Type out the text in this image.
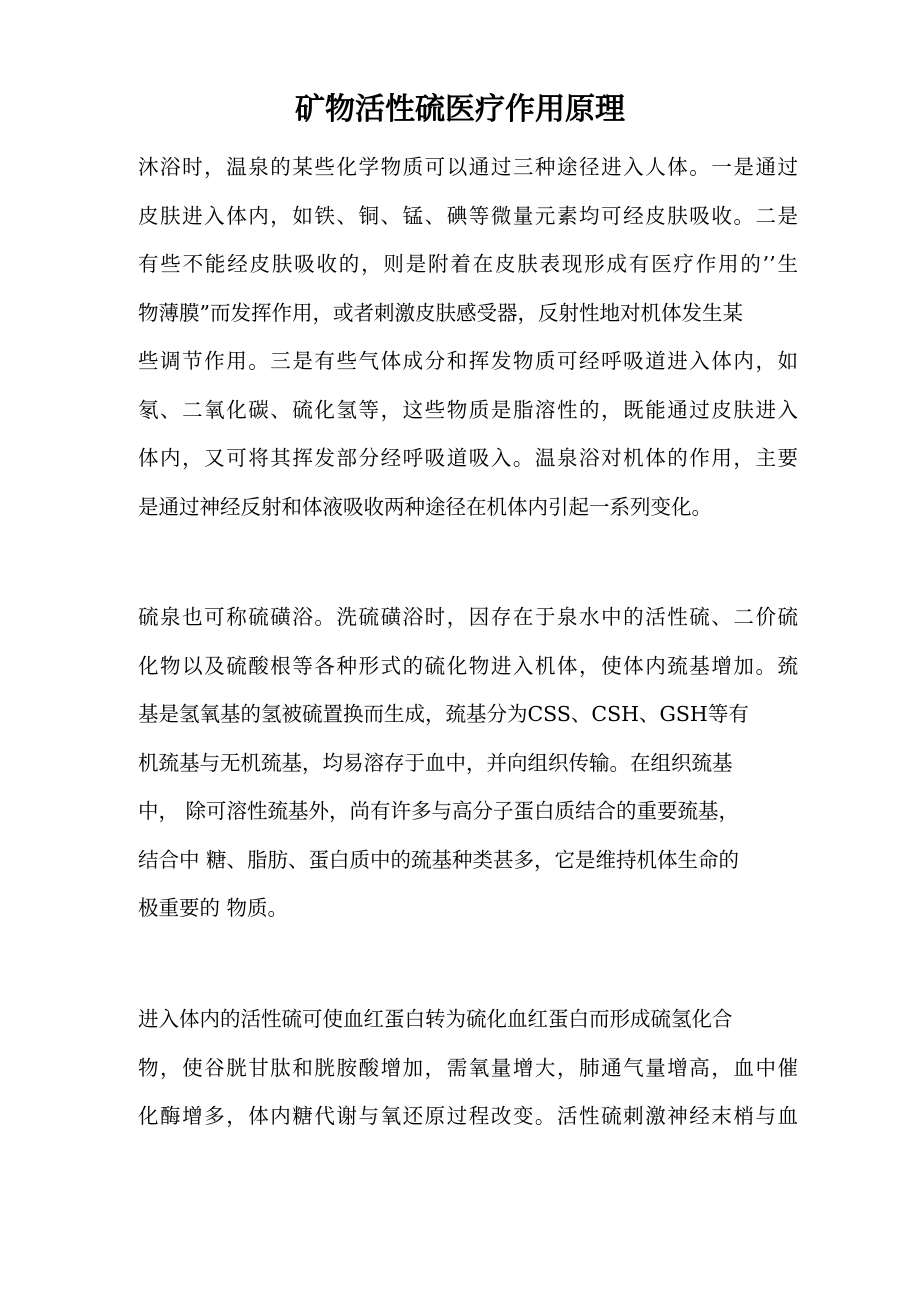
矿物活性硫医疗作用原理
沐浴时，温泉的某些化学物质可以通过三种途径进入人体。一是通过
皮肤进入体内，如铁、铜、锰、碘等微量元素均可经皮肤吸收。二是
有些不能经皮肤吸收的，则是附着在皮肤表现形成有医疗作用的’’生
物薄膜”而发挥作用，或者刺激皮肤感受器，反射性地对机体发生某
些调节作用。三是有些气体成分和挥发物质可经呼吸道进入体内，如
氡、二氧化碳、硫化氢等，这些物质是脂溶性的，既能通过皮肤进入
体内，又可将其挥发部分经呼吸道吸入。温泉浴对机体的作用，主要
是通过神经反射和体液吸收两种途径在机体内引起一系列变化。
硫泉也可称硫磺浴。洗硫磺浴时，因存在于泉水中的活性硫、二价硫
化物以及硫酸根等各种形式的硫化物进入机体，使体内巯基增加。巯
基是氢氧基的氢被硫置换而生成，巯基分为CSS、CSH、GSH等有
机巯基与无机巯基，均易溶存于血中，并向组织传输。在组织巯基
中， 除可溶性巯基外，尚有许多与高分子蛋白质结合的重要巯基，
结合中 糖、脂肪、蛋白质中的巯基种类甚多，它是维持机体生命的
极重要的 物质。
进入体内的活性硫可使血红蛋白转为硫化血红蛋白而形成硫氢化合
物，使谷胱甘肽和胱胺酸增加，需氧量增大，肺通气量增高，血中催
化酶增多，体内糖代谢与氧还原过程改变。活性硫刺激神经末梢与血
